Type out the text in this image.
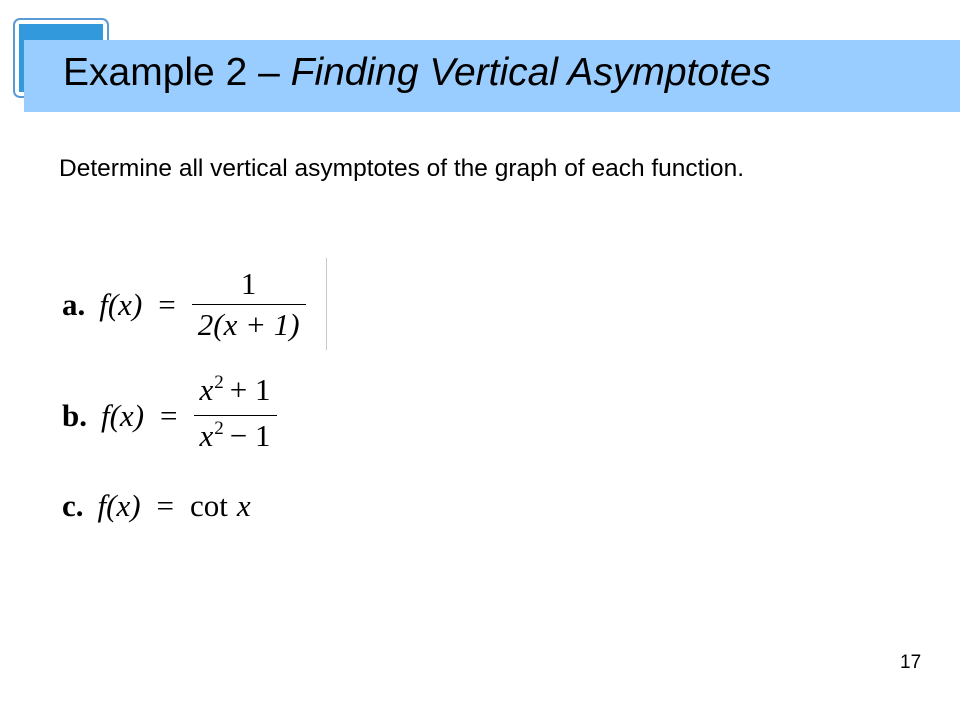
Example 2 – Finding Vertical Asymptotes

Determine all vertical asymptotes of the graph of each function.

a. $f(x) = \frac{1}{2(x + 1)}$
b. $f(x) = \frac{x^2 + 1}{x^2 - 1}$
c. f(x) = cot x

17
